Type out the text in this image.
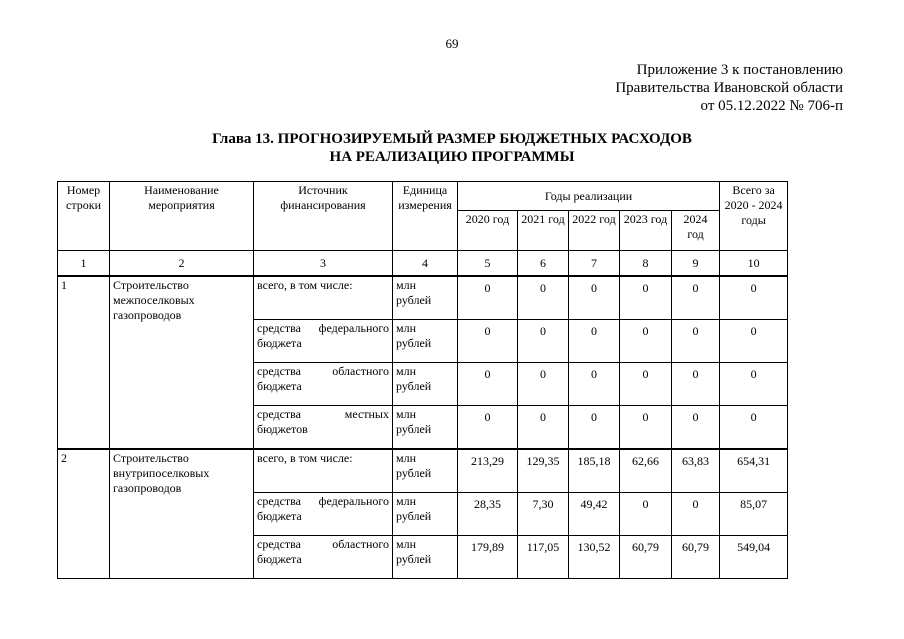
69
Приложение 3 к постановлению
Правительства Ивановской области
от 05.12.2022 № 706-п
Глава 13. ПРОГНОЗИРУЕМЫЙ РАЗМЕР БЮДЖЕТНЫХ РАСХОДОВ
НА РЕАЛИЗАЦИЮ ПРОГРАММЫ
Номер строки	Наименование мероприятия	Источник финансирования	Единица измерения	Годы реализации					Всего за 2020 - 2024 годы
				2020 год	2021 год	2022 год	2023 год	2024 год	
1	2	3	4	5	6	7	8	9	10
1	Строительство межпоселковых газопроводов	всего, в том числе:	млн рублей	0	0	0	0	0	0
		средства федерального бюджета	млн рублей	0	0	0	0	0	0
		средства областного бюджета	млн рублей	0	0	0	0	0	0
		средства местных бюджетов	млн рублей	0	0	0	0	0	0
2	Строительство внутрипоселковых газопроводов	всего, в том числе:	млн рублей	213,29	129,35	185,18	62,66	63,83	654,31
		средства федерального бюджета	млн рублей	28,35	7,30	49,42	0	0	85,07
		средства областного бюджета	млн рублей	179,89	117,05	130,52	60,79	60,79	549,04
